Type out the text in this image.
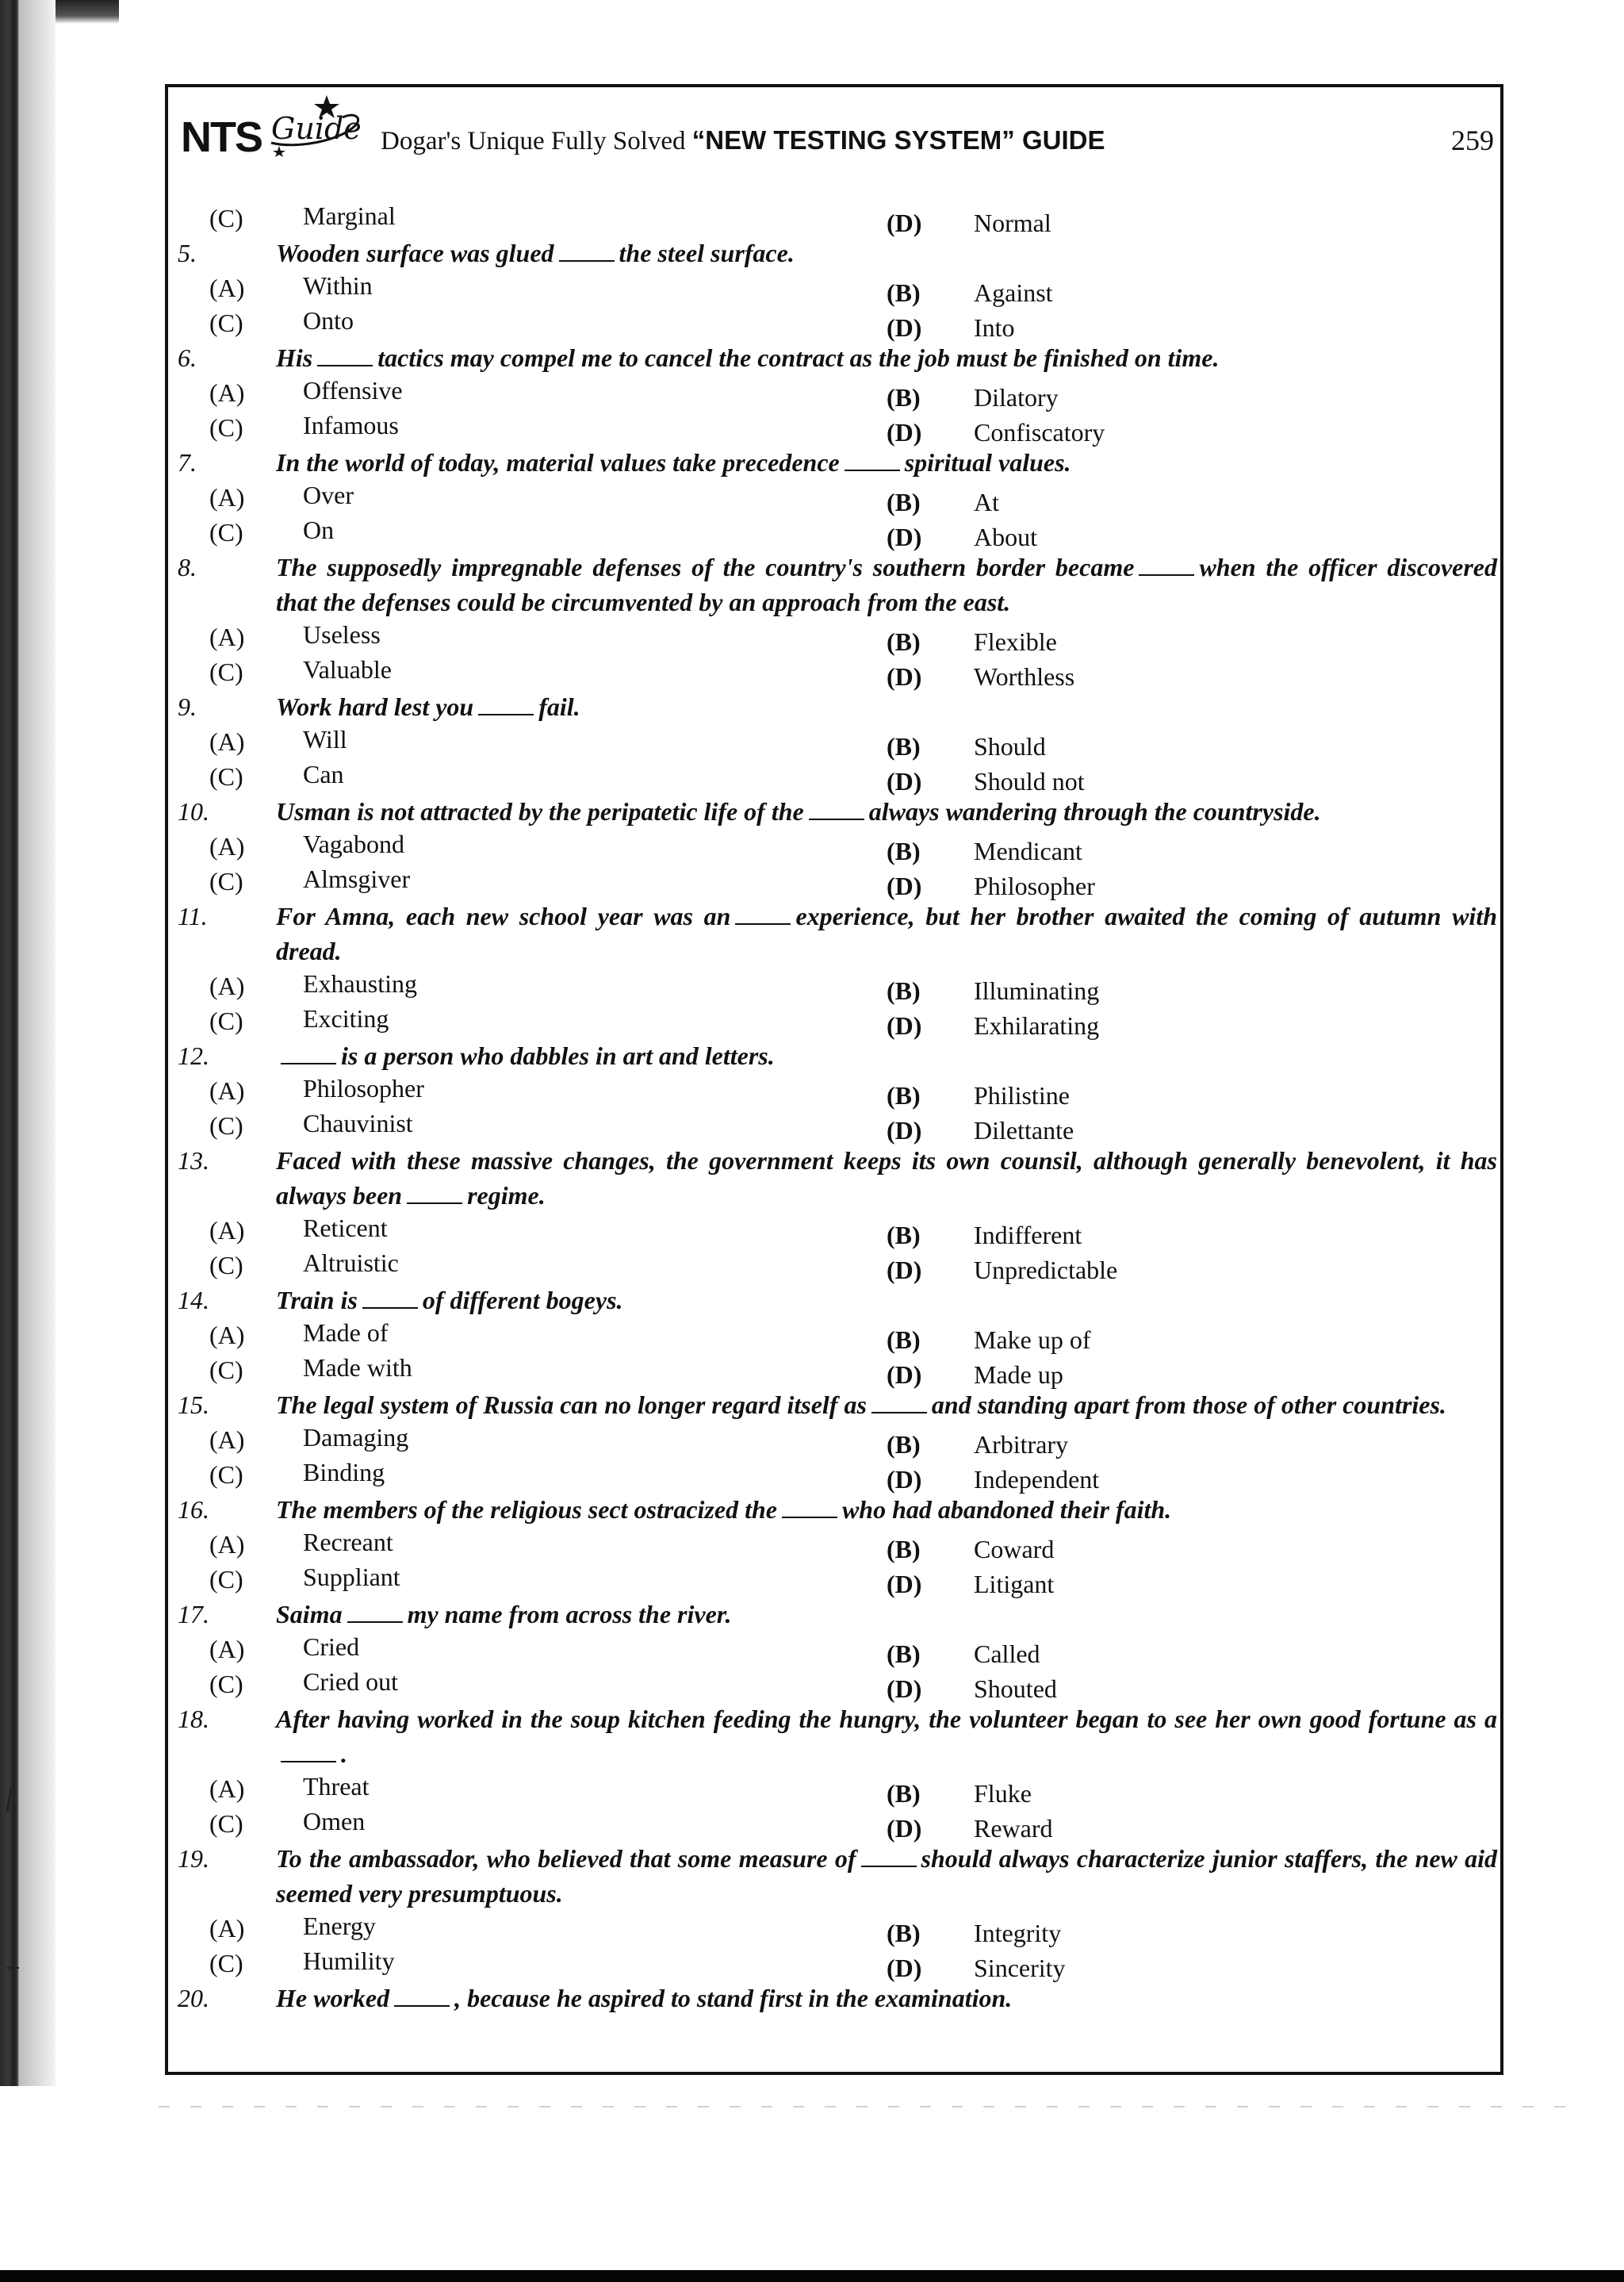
NTS Guide Dogar's Unique Fully Solved “NEW TESTING SYSTEM” GUIDE	259
(C) Marginal	(D) Normal
5.	Wooden surface was glued	the steel surface.
(A) Within	(B) Against
(C) Onto	(D) Into
6.	His	tactics may compel me to cancel the contract as the job must be finished on time.
(A) Offensive	(B) Dilatory
(C) Infamous	(D) Confiscatory
7.	In the world of today, material values take precedence	spiritual values.
(A) Over	(B) At
(C) On	(D) About
8.	The supposedly impregnable defenses of the country's southern border became	when the officer discovered that the defenses could be circumvented by an approach from the east.
(A) Useless	(B) Flexible
(C) Valuable	(D) Worthless
9.	Work hard lest you	fail.
(A) Will	(B) Should
(C) Can	(D) Should not
10.	Usman is not attracted by the peripatetic life of the	always wandering through the countryside.
(A) Vagabond	(B) Mendicant
(C) Almsgiver	(D) Philosopher
11.	For Amna, each new school year was an	experience, but her brother awaited the coming of autumn with dread.
(A) Exhausting	(B) Illuminating
(C) Exciting	(D) Exhilarating
12.	is a person who dabbles in art and letters.
(A) Philosopher	(B) Philistine
(C) Chauvinist	(D) Dilettante
13.	Faced with these massive changes, the government keeps its own counsil, although generally benevolent, it has always been	regime.
(A) Reticent	(B) Indifferent
(C) Altruistic	(D) Unpredictable
14.	Train is	of different bogeys.
(A) Made of	(B) Make up of
(C) Made with	(D) Made up
15.	The legal system of Russia can no longer regard itself as	and standing apart from those of other countries.
(A) Damaging	(B) Arbitrary
(C) Binding	(D) Independent
16.	The members of the religious sect ostracized the	who had abandoned their faith.
(A) Recreant	(B) Coward
(C) Suppliant	(D) Litigant
17.	Saima	my name from across the river.
(A) Cried	(B) Called
(C) Cried out	(D) Shouted
18.	After having worked in the soup kitchen feeding the hungry, the volunteer began to see her own good fortune as a.
(A) Threat	(B) Fluke
(C) Omen	(D) Reward
19.	To the ambassador, who believed that some measure of	should always characterize junior staffers, the new aid seemed very presumptuous.
(A) Energy	(B) Integrity
(C) Humility	(D) Sincerity
20.	He worked	, because he aspired to stand first in the examination.
